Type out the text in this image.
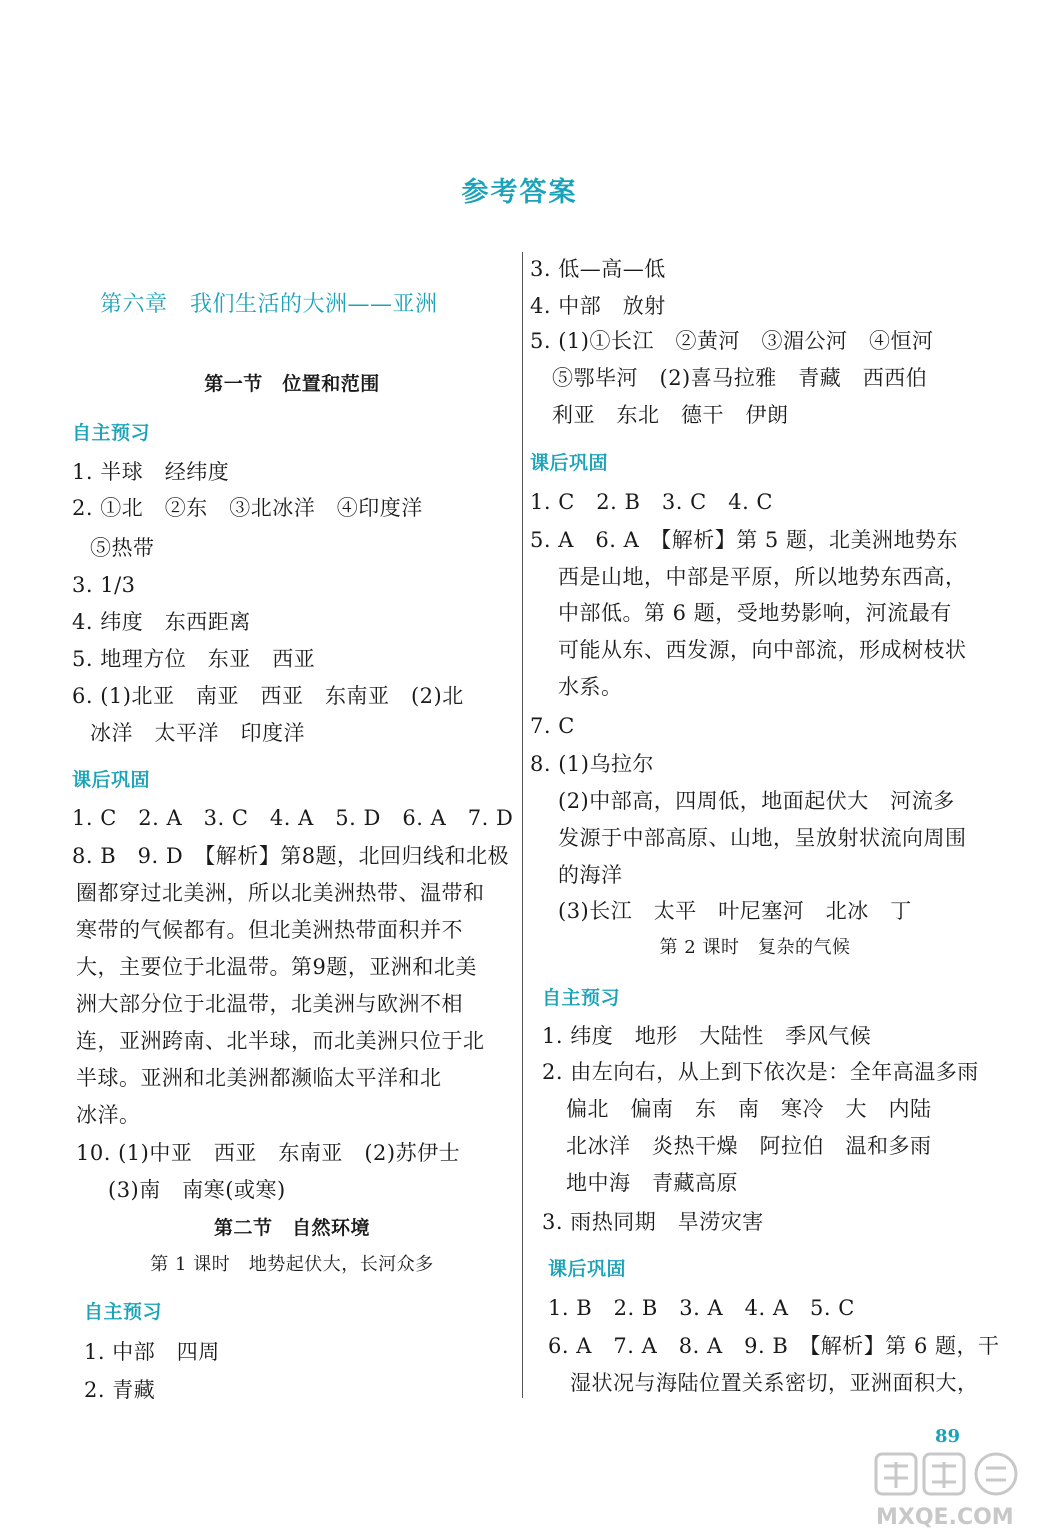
参考答案
第六章　我们生活的大洲——亚洲
第一节　位置和范围
自主预习
1. 半球　经纬度
2. ①北　②东　③北冰洋　④印度洋
⑤热带
3. 1/3
4. 纬度　东西距离
5. 地理方位　东亚　西亚
6. (1)北亚　南亚　西亚　东南亚　(2)北
冰洋　太平洋　印度洋
课后巩固
1. C　2. A　3. C　4. A　5. D　6. A　7. D
8. B　9. D　【解析】第8题，北回归线和北极
圈都穿过北美洲，所以北美洲热带、温带和
寒带的气候都有。但北美洲热带面积并不
大，主要位于北温带。第9题，亚洲和北美
洲大部分位于北温带，北美洲与欧洲不相
连，亚洲跨南、北半球，而北美洲只位于北
半球。亚洲和北美洲都濒临太平洋和北
冰洋。
10. (1)中亚　西亚　东南亚　(2)苏伊士
(3)南　南寒(或寒)
第二节　自然环境
第 1 课时　地势起伏大，长河众多
自主预习
1. 中部　四周
2. 青藏
3. 低—高—低
4. 中部　放射
5. (1)①长江　②黄河　③湄公河　④恒河
⑤鄂毕河　(2)喜马拉雅　青藏　西西伯
利亚　东北　德干　伊朗
课后巩固
1. C　2. B　3. C　4. C
5. A　6. A　【解析】第 5 题，北美洲地势东
西是山地，中部是平原，所以地势东西高，
中部低。第 6 题，受地势影响，河流最有
可能从东、西发源，向中部流，形成树枝状
水系。
7. C
8. (1)乌拉尔
(2)中部高，四周低，地面起伏大　河流多
发源于中部高原、山地，呈放射状流向周围
的海洋
(3)长江　太平　叶尼塞河　北冰　丁
第 2 课时　复杂的气候
自主预习
1. 纬度　地形　大陆性　季风气候
2. 由左向右，从上到下依次是：全年高温多雨
偏北　偏南　东　南　寒冷　大　内陆
北冰洋　炎热干燥　阿拉伯　温和多雨
地中海　青藏高原
3. 雨热同期　旱涝灾害
课后巩固
1. B　2. B　3. A　4. A　5. C
6. A　7. A　8. A　9. B　【解析】第 6 题，干
湿状况与海陆位置关系密切，亚洲面积大，
89
MXQE.COM
